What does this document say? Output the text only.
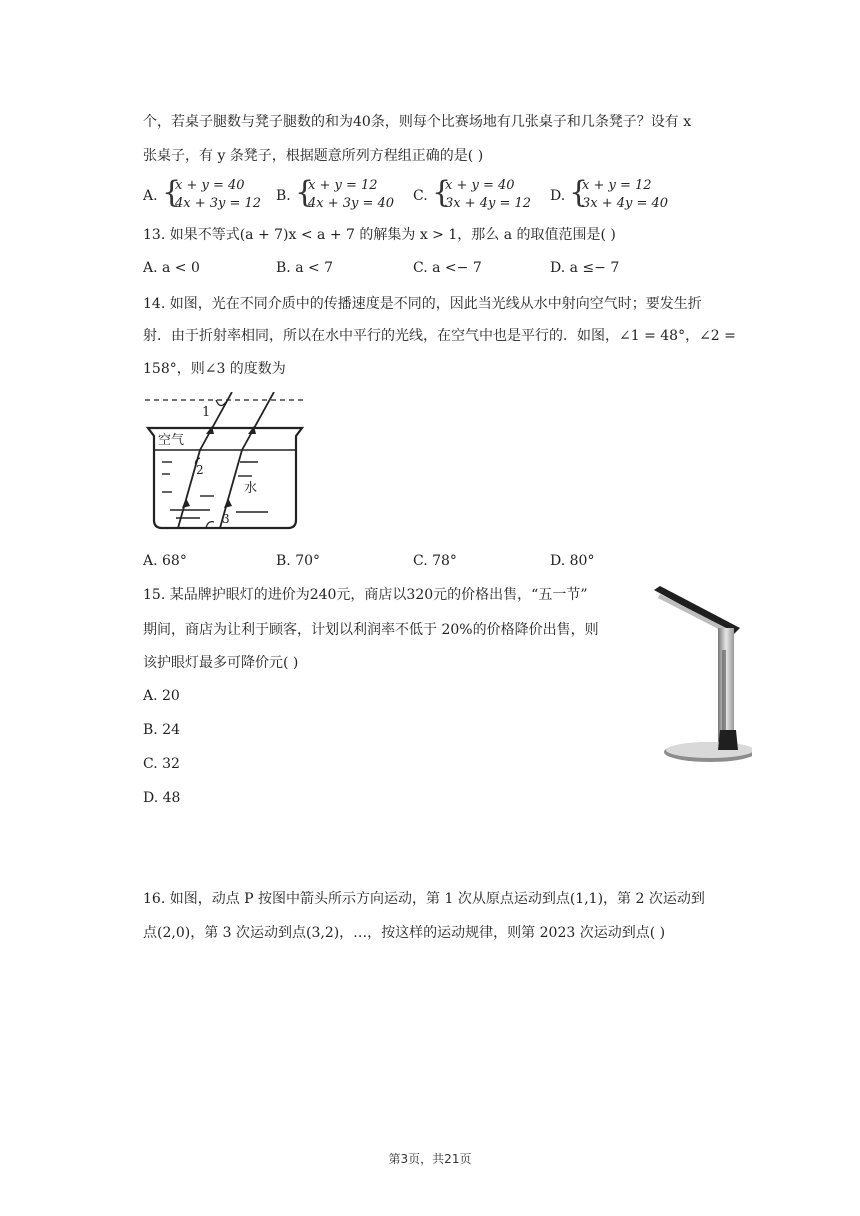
个，若桌子腿数与凳子腿数的和为40条，则每个比赛场地有几张桌子和几条凳子？设有 x
张桌子，有 y 条凳子，根据题意所列方程组正确的是( )
A. {
x + y = 40
4x + 3y = 12 B. {
x + y = 12
4x + 3y = 40 C. {
x + y = 40
3x + 4y = 12 D. {
x + y = 12
3x + 4y = 40
13. 如果不等式(a + 7)x < a + 7 的解集为 x > 1，那么 a 的取值范围是( )
A. a < 0	B. a < 7	C. a <− 7	D. a ≤− 7
14. 如图，光在不同介质中的传播速度是不同的，因此当光线从水中射向空气时；要发生折
射．由于折射率相同，所以在水中平行的光线，在空气中也是平行的．如图，∠1 = 48°，∠2 =
158°，则∠3 的度数为
1
2
3
空气
水
A. 68°	B. 70°	C. 78°	D. 80°
15. 某品牌护眼灯的进价为240元，商店以320元的价格出售，“五一节”
期间，商店为让利于顾客，计划以利润率不低于 20%的价格降价出售，则
该护眼灯最多可降价元( )
A. 20
B. 24
C. 32
D. 48
16. 如图，动点 P 按图中箭头所示方向运动，第 1 次从原点运动到点(1,1)，第 2 次运动到
点(2,0)，第 3 次运动到点(3,2)，…，按这样的运动规律，则第 2023 次运动到点( )
第3页，共21页
